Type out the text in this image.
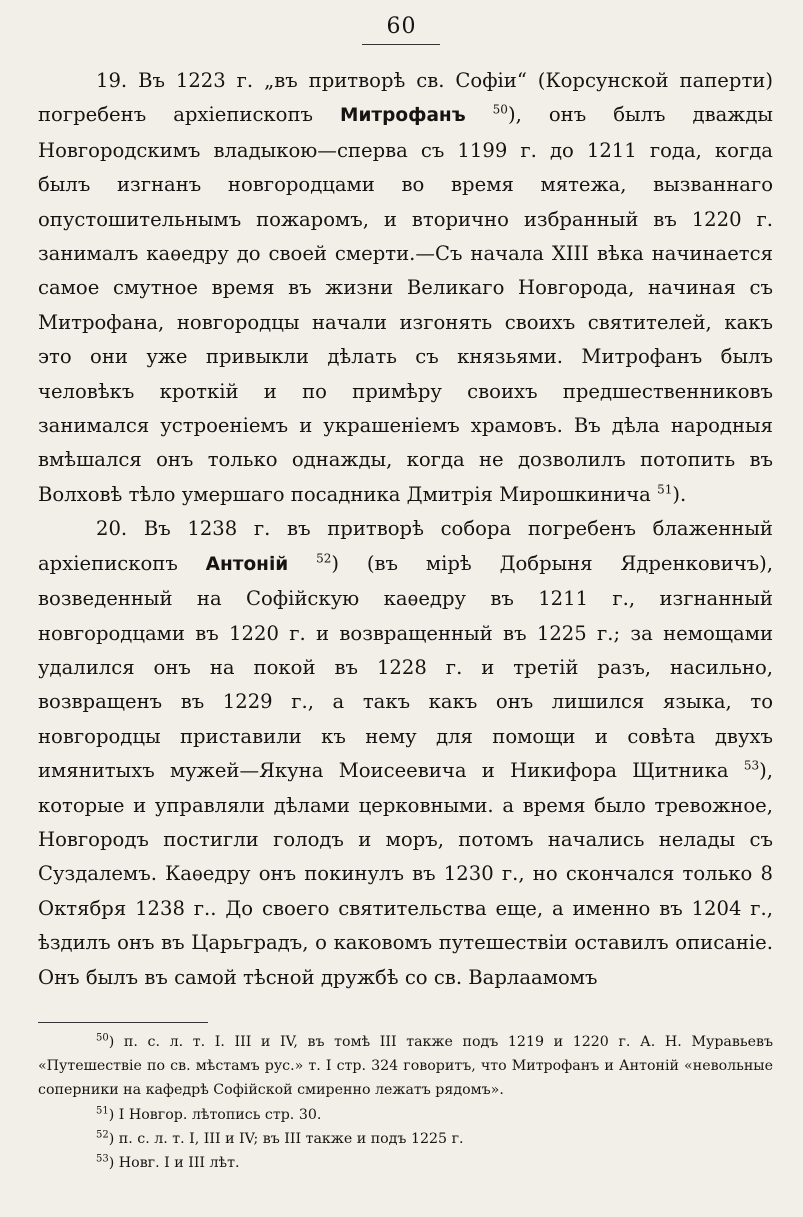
60

19. Въ 1223 г. „въ притворѣ св. Софіи“ (Корсунской паперти) погребенъ архіепископъ Митрофанъ $^{50}$), онъ былъ дважды Новгородскимъ владыкою—сперва съ 1199 г. до 1211 года, когда былъ изгнанъ новгородцами во время мятежа, вызваннаго опустошительнымъ пожаромъ, и вторично избранный въ 1220 г. занималъ каѳедру до своей смерти.—Съ начала XIII вѣка начинается самое смутное время въ жизни Великаго Новгорода, начиная съ Митрофана, новгородцы начали изгонять своихъ святителей, какъ это они уже привыкли дѣлать съ князьями. Митрофанъ былъ человѣкъ кроткій и по примѣру своихъ предшественниковъ занимался устроеніемъ и украшеніемъ храмовъ. Въ дѣла народныя вмѣшался онъ только однажды, когда не дозволилъ потопить въ Волховѣ тѣло умершаго посадника Дмитрія Мирошкинича $^{51}$).

20. Въ 1238 г. въ притворѣ собора погребенъ блаженный архіепископъ Антоній $^{52}$) (въ мірѣ Добрыня Ядренковичъ), возведенный на Софійскую каѳедру въ 1211 г., изгнанный новгородцами въ 1220 г. и возвращенный въ 1225 г.; за немощами удалился онъ на покой въ 1228 г. и третій разъ, насильно, возвращенъ въ 1229 г., а такъ какъ онъ лишился языка, то новгородцы приставили къ нему для помощи и совѣта двухъ имянитыхъ мужей—Якуна Моисеевича и Никифора Щитника $^{53}$), которые и управляли дѣлами церковными. а время было тревожное, Новгородъ постигли голодъ и моръ, потомъ начались нелады съ Суздалемъ. Каѳедру онъ покинулъ въ 1230 г., но скончался только 8 Октября 1238 г.. До своего святительства еще, а именно въ 1204 г., ѣздилъ онъ въ Царьградъ, о каковомъ путешествіи оставилъ описаніе. Онъ былъ въ самой тѣсной дружбѣ со св. Варлаамомъ

$^{50}$) п. с. л. т. I. III и IV, въ томѣ III также подъ 1219 и 1220 г. А. Н. Муравьевъ «Путешествіе по св. мѣстамъ рус.» т. I стр. 324 говоритъ, что Митрофанъ и Антоній «невольные соперники на кафедрѣ Софійской смиренно лежатъ рядомъ».

$^{51}$) I Новгор. лѣтопись стр. 30.

$^{52}$) п. с. л. т. I, III и IV; въ III также и подъ 1225 г.

$^{53}$) Новг. I и III лѣт.
